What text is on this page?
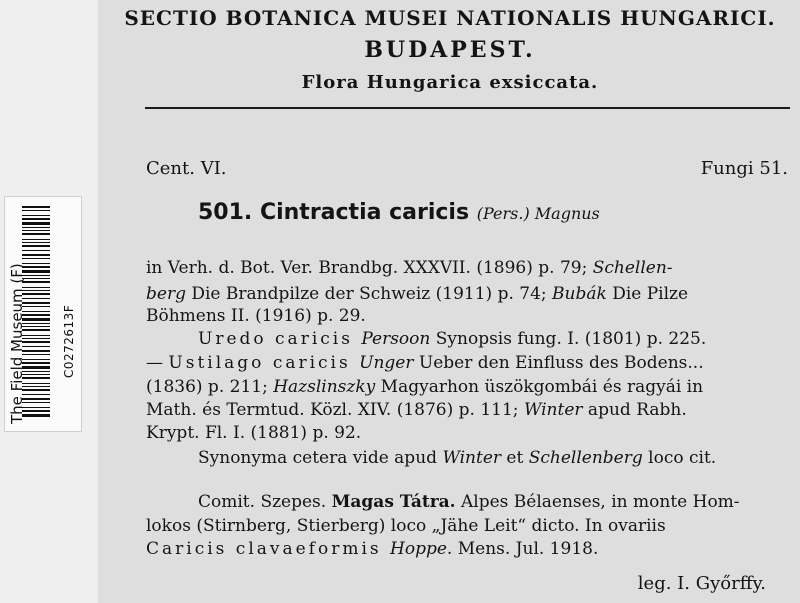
The Field Museum (F)	C0272613F
SECTIO BOTANICA MUSEI NATIONALIS HUNGARICI.
BUDAPEST.
Flora Hungarica exsiccata.
Cent. VI.	Fungi 51.
501. Cintractia caricis (Pers.) Magnus
in Verh. d. Bot. Ver. Brandbg. XXXVII. (1896) p. 79; Schellen-
berg Die Brandpilze der Schweiz (1911) p. 74; Bubák Die Pilze
Böhmens II. (1916) p. 29.
Uredo caricis Persoon Synopsis fung. I. (1801) p. 225.
— Ustilago caricis Unger Ueber den Einfluss des Bodens...
(1836) p. 211; Hazslinszky Magyarhon üszökgombái és ragyái in
Math. és Termtud. Közl. XIV. (1876) p. 111; Winter apud Rabh.
Krypt. Fl. I. (1881) p. 92.
Synonyma cetera vide apud Winter et Schellenberg loco cit.
Comit. Szepes. Magas Tátra. Alpes Bélaenses, in monte Hom-
lokos (Stirnberg, Stierberg) loco „Jähe Leit“ dicto. In ovariis
Caricis clavaeformis Hoppe. Mens. Jul. 1918.
leg. I. Győrffy.
